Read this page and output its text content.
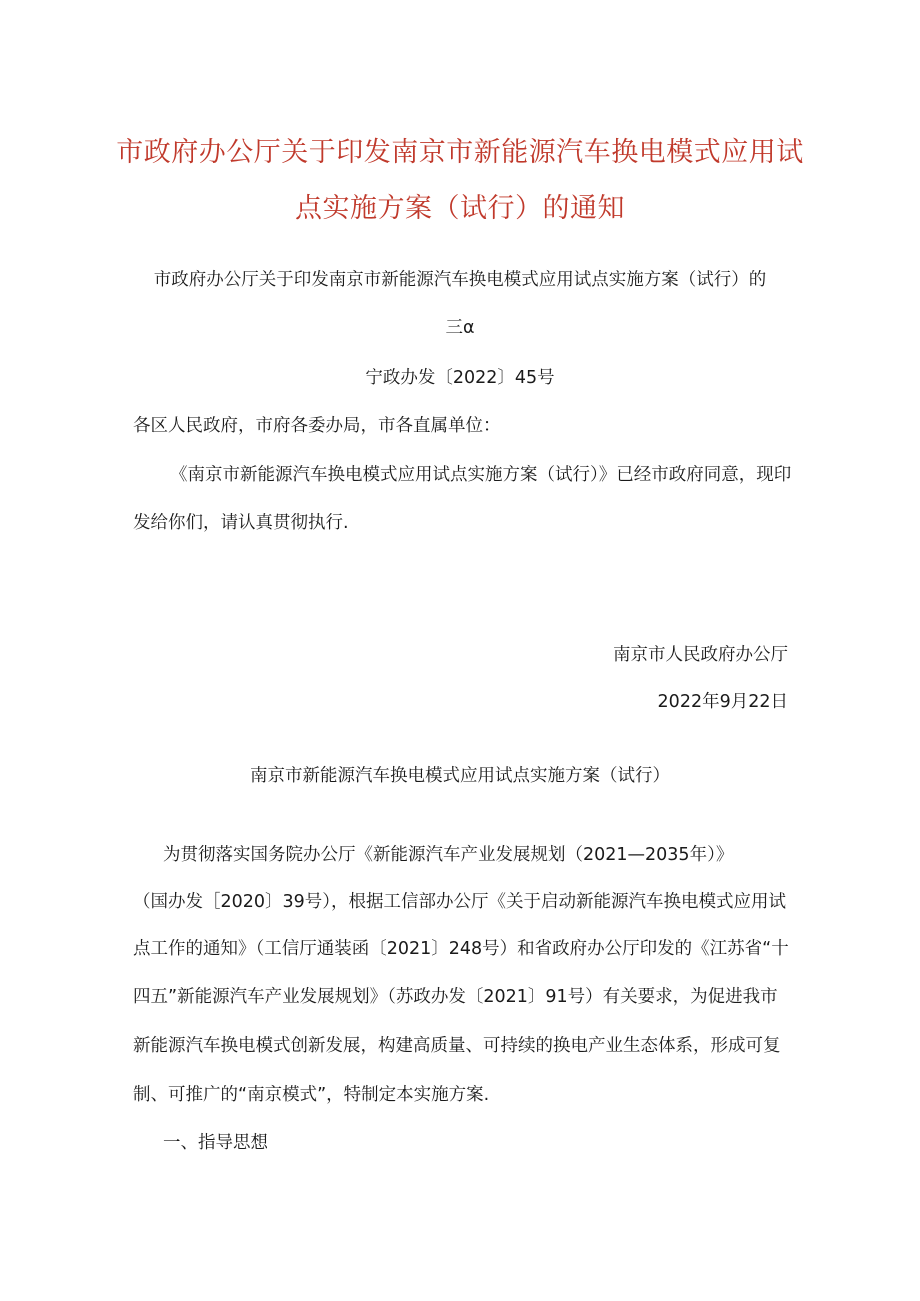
市政府办公厅关于印发南京市新能源汽车换电模式应用试
点实施方案（试行）的通知
市政府办公厅关于印发南京市新能源汽车换电模式应用试点实施方案（试行）的
三α
宁政办发〔2022〕45号
各区人民政府，市府各委办局，市各直属单位：
《南京市新能源汽车换电模式应用试点实施方案（试行）》已经市政府同意，现印
发给你们，请认真贯彻执行.
南京市人民政府办公厅
2022年9月22日
南京市新能源汽车换电模式应用试点实施方案（试行）
为贯彻落实国务院办公厅《新能源汽车产业发展规划（2021—2035年）》
（国办发［2020〕39号），根据工信部办公厅《关于启动新能源汽车换电模式应用试
点工作的通知》（工信厅通装函〔2021〕248号）和省政府办公厅印发的《江苏省“十
四五”新能源汽车产业发展规划》（苏政办发〔2021〕91号）有关要求，为促进我市
新能源汽车换电模式创新发展，构建高质量、可持续的换电产业生态体系，形成可复
制、可推广的“南京模式”，特制定本实施方案.
一、指导思想
